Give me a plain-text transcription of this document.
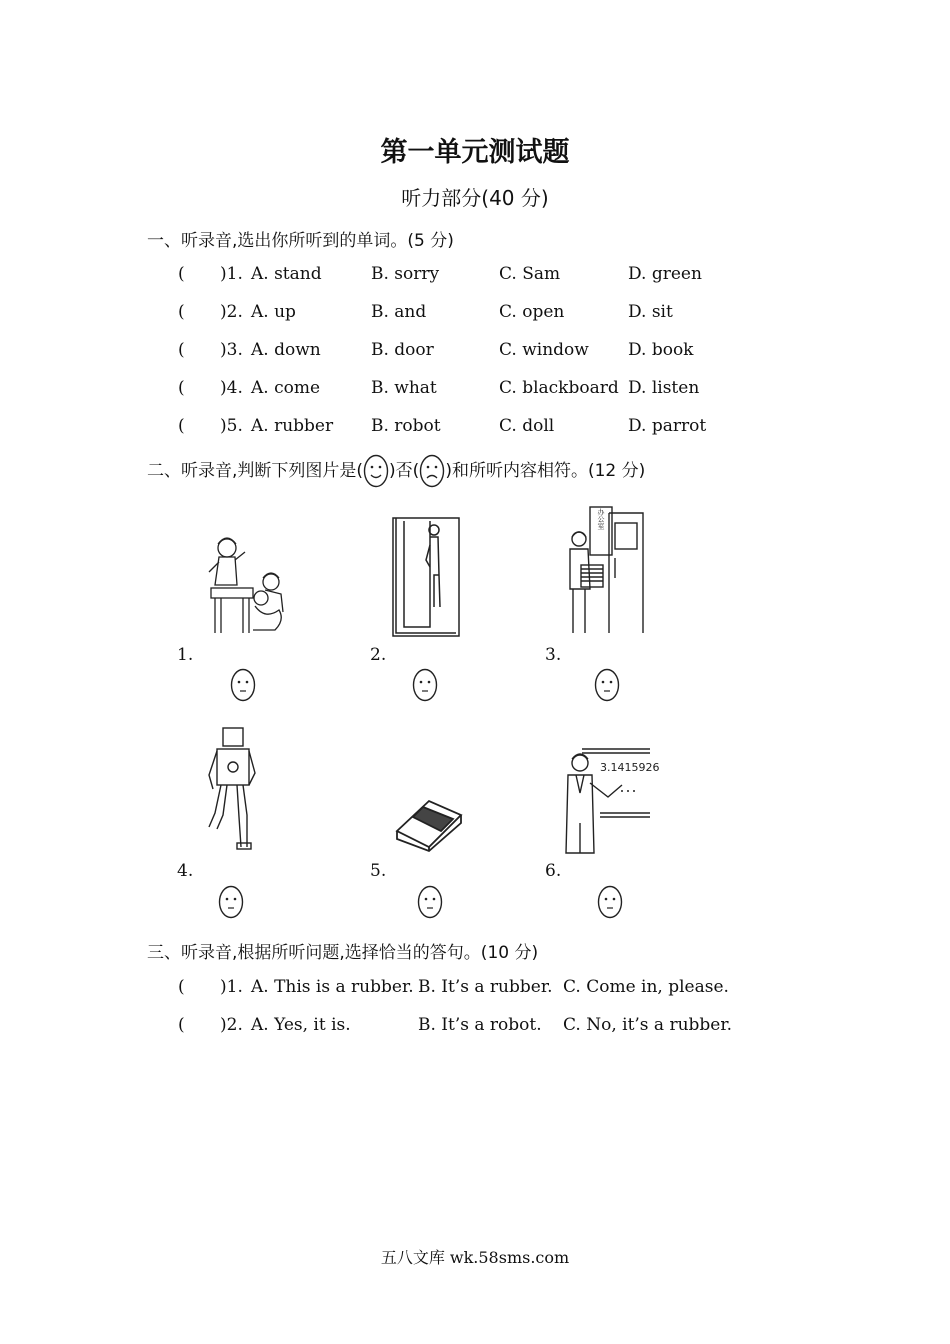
第一单元测试题
听力部分(40 分)
一、听录音,选出你所听到的单词。(5 分)
( )1. A. stand	B. sorry	C. Sam	D. green
( )2. A. up	B. and	C. open	D. sit
( )3. A. down	B. door	C. window D. book
( )4. A. come	B. what	C. blackboard D. listen
( )5. A. rubber B. robot	C. doll	D. parrot
二、听录音,判断下列图片是( )否( )和所听内容相符。(12 分)
1.	2.
办公室
3.
4.	5.
3.1415926
6.
三、听录音,根据所听问题,选择恰当的答句。(10 分)
( )1. A. This is a rubber. B. It’s a rubber. C. Come in, please.
( )2. A. Yes, it is.	B. It’s a robot. C. No, it’s a rubber.
五八文库 wk.58sms.com
